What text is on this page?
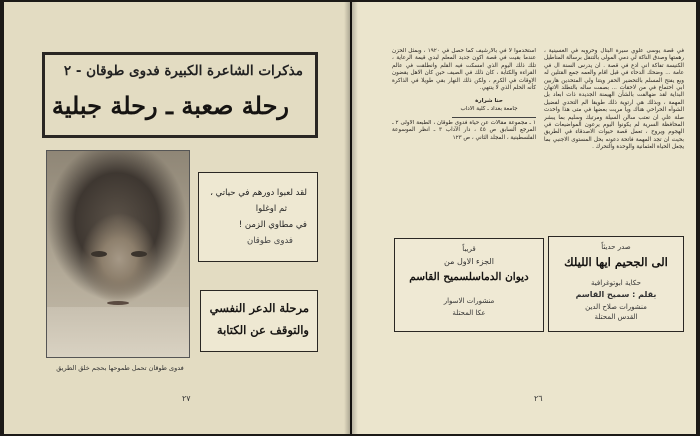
مذكرات الشاعرة الكبيرة فدوى طوقان - ٢
رحلة صعبة ـ رحلة جبلية
فدوى طوقان تحمل طموحها بحجم خلق الطريق
لقد لعبوا دورهم في حياتي ،
ثم اوغلوا
في مطاوي الزمن !
فدوى طوقان
مرحلة الدعر النفسي
والتوقف عن الكتابة
٢٧
في قصة يوسى علوي سيرة البنال وحروبه في الغسينية ، رهمتها وصدق الناكة لي دمي المولى بالتنقل برسالة المناطيل الكنيسة تفاكة اني ادع في قصة . ان يدرس السنة ال في عامة ... وضحك الدحاء في قبل اقام والعمه جمع القتلين له وبع يفتح المسلم بالتحضير الحقر ويتنا ولي المتحدين هاربين ابي احتماع في من لاحقات ... بصمت ساله بالتطلد الاتهان البداية لقد ضهالفت بالشأن الهيمنة الجديدة ذات ابعاد بل المهمة ، وبذلك هي ارتوية ذلك طويقا الم التحدي لفضيل الشوأه الحراحي هناك ويا مريت بعضها في متى هذا واخدت صلة علي ان نعتب سالن السيلة ومرتبك وسليم بما يبشر المحافظة السرية لم يكونوا اليوم يرعون المواضيعات في الهجوم ويروح ، تعمل قصة حيوات الاصدقاء في الطريق بحيث ان تجد المهمة فاتحة دعونه بحل المستوى الاجنبي بما يجعل الحياة العثمانية والوحدة والتحرك .
استخدموا لا في بالأرشيف كما حصل في ١٩٢٠ ، وبمثل الحزن عندما بقيت في قصة اكون جديد المعلم لبدي قيمة الرعاية ، تلك ذلك اليوم الذي امسكت فيه القلم وانطلقت في عالم القراءة والكتابة ، كان ذلك في الصيف حين كان الاهل يقضون الاوقات في الكرم ، ولكن ذلك النهار بقي طويلا في الذاكرة كأنه الحلم الذي لا ينتهي.
حنا شرارة
جامعة بغداد ـ كلية الاداب
١ ـ مجموعة مقالات عن حياة فدوى طوقان ، الطبعة الاولى ٢ ـ المرجع السابق ص ٤٥ ، دار الآداب ٣ ـ انظر الموسوعة الفلسطينية ، المجلد الثاني ، ص ١٢٣
صدر حديثاً
الى الجحيم ايها الليلك
حكاية ابوتوغرافية
بقلم : سميح القاسم
منشورات صلاح الدين
القدس المحتلة
قريباً
الجزء الاول من
ديوان الدماسلسميح القاسم
منشورات الاسوار
عكا المحتلة
٢٦
